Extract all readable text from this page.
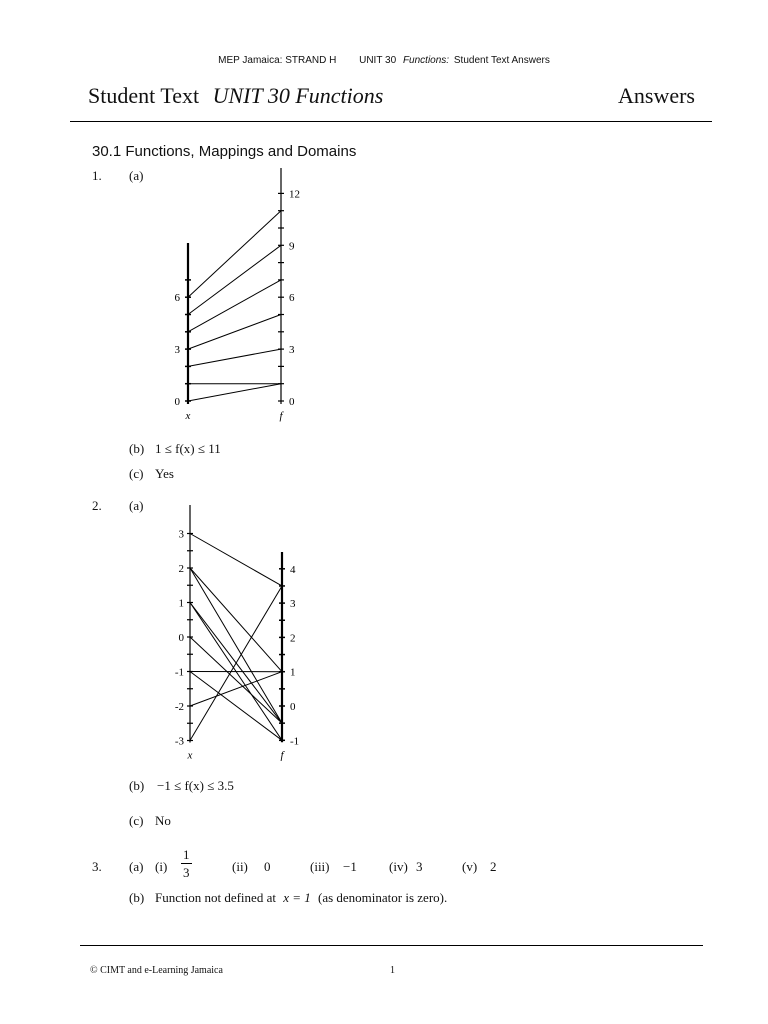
MEP Jamaica: STRAND H UNIT 30 Functions: Student Text Answers
Student Text UNIT 30 Functions	Answers
30.1 Functions, Mappings and Domains
1. (a)
0
3
6
0
3
6
9
12
x	f
(b) 1 ≤ f(x) ≤ 11
(c) Yes
2. (a)
3
2
1
0
-1
-2
-3
4
3
2
1
0
-1
x	f
(b) −1 ≤ f(x) ≤ 3.5
(c) No
3. (a) $(i) \frac{1}{3}$	(ii) 0	(iii) −1 (iv) 3	(v) 2
(b) Function not defined at x = 1 (as denominator is zero).
© CIMT and e-Learning Jamaica	1
